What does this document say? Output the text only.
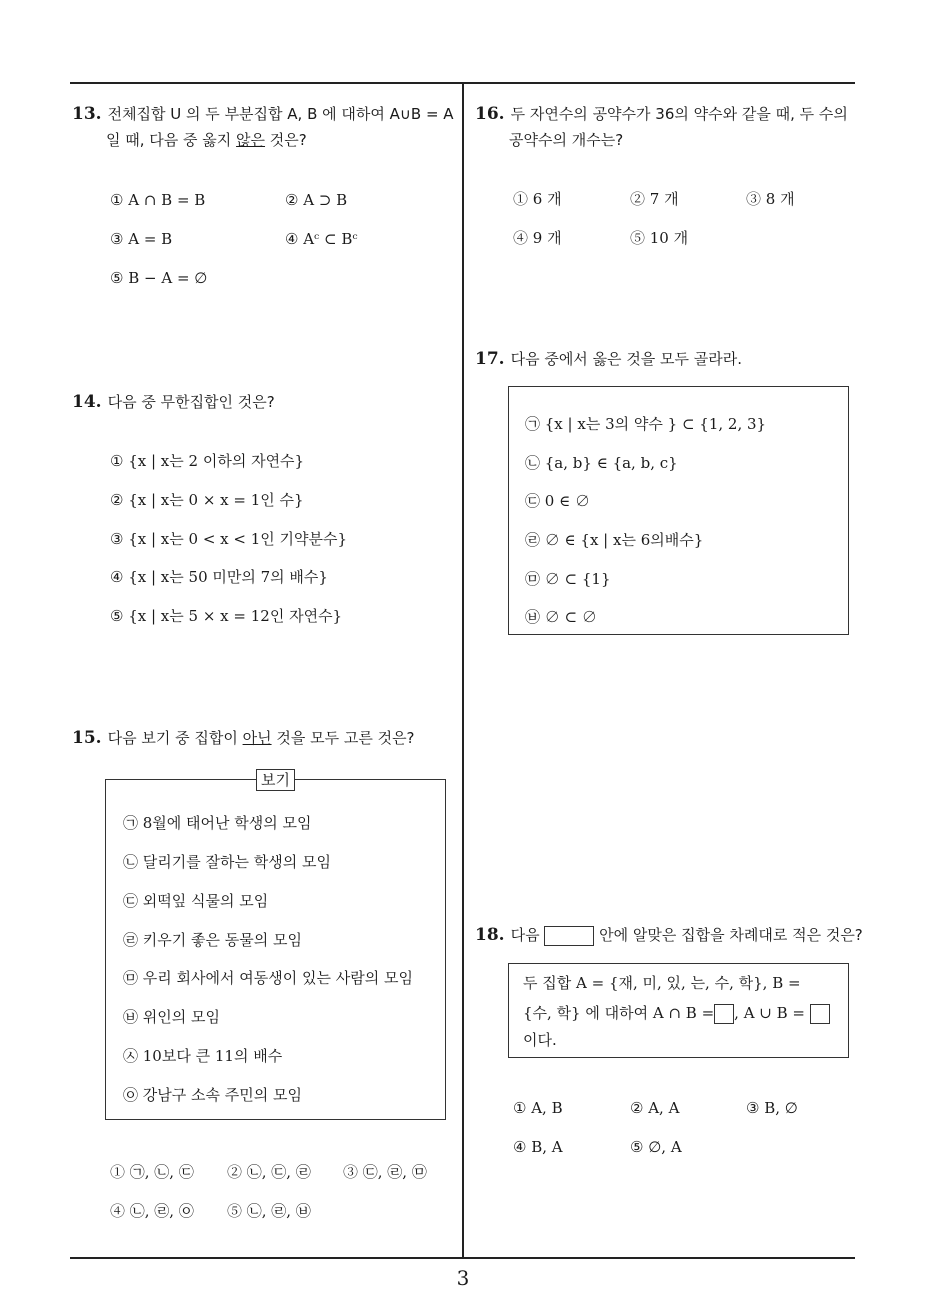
13. 전체집합 U 의 두 부분집합 A, B 에 대하여 A∪B = A
일 때, 다음 중 옳지 않은 것은?
① A ∩ B = B	② A ⊃ B
③ A = B	④ Aᶜ ⊂ Bᶜ
⑤ B − A = ∅
14. 다음 중 무한집합인 것은?
① {x | x는 2 이하의 자연수}
② {x | x는 0 × x = 1인 수}
③ {x | x는 0 < x < 1인 기약분수}
④ {x | x는 50 미만의 7의 배수}
⑤ {x | x는 5 × x = 12인 자연수}
15. 다음 보기 중 집합이 아닌 것을 모두 고른 것은?
보기
㉠ 8월에 태어난 학생의 모임
㉡ 달리기를 잘하는 학생의 모임
㉢ 외떡잎 식물의 모임
㉣ 키우기 좋은 동물의 모임
㉤ 우리 회사에서 여동생이 있는 사람의 모임
㉥ 위인의 모임
㉦ 10보다 큰 11의 배수
㉧ 강남구 소속 주민의 모임
① ㉠, ㉡, ㉢ ② ㉡, ㉢, ㉣ ③ ㉢, ㉣, ㉤
④ ㉡, ㉣, ㉧ ⑤ ㉡, ㉣, ㉥
16. 두 자연수의 공약수가 36의 약수와 같을 때, 두 수의
공약수의 개수는?
① 6 개	② 7 개	③ 8 개
④ 9 개	⑤ 10 개
17. 다음 중에서 옳은 것을 모두 골라라.
㉠ {x | x는 3의 약수 } ⊂ {1, 2, 3}
㉡ {a, b} ∈ {a, b, c}
㉢ 0 ∈ ∅
㉣ ∅ ∈ {x | x는 6의배수}
㉤ ∅ ⊂ {1}
㉥ ∅ ⊂ ∅
18. 다음	안에 알맞은 집합을 차례대로 적은 것은?
두 집합 A = {재, 미, 있, 는, 수, 학}, B =
{수, 학} 에 대하여 A ∩ B = , A ∪ B =
이다.
① A, B	② A, A	③ B, ∅
④ B, A	⑤ ∅, A
3
